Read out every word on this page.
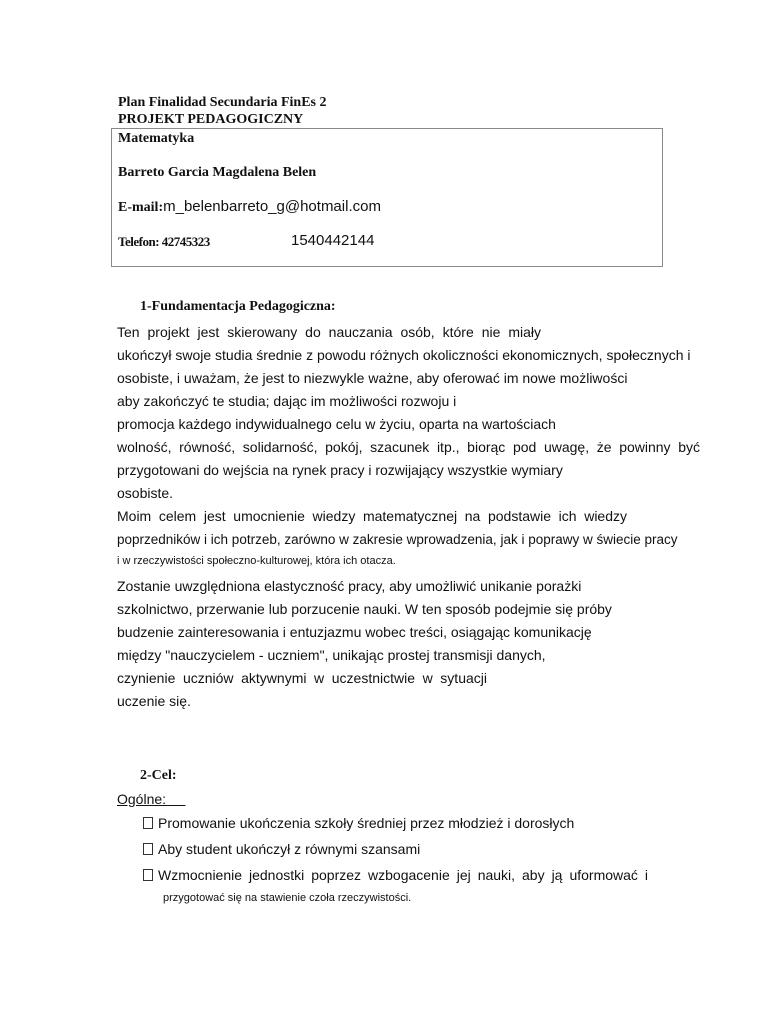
Plan Finalidad Secundaria FinEs 2
PROJEKT PEDAGOGICZNY
Matematyka
Barreto Garcia Magdalena Belen
E-mail:m_belenbarreto_g@hotmail.com
Telefon: 42745323	1540442144
1-Fundamentacja Pedagogiczna:
Ten projekt jest skierowany do nauczania osób, które nie miały
ukończył swoje studia średnie z powodu różnych okoliczności ekonomicznych, społecznych i
osobiste, i uważam, że jest to niezwykle ważne, aby oferować im nowe możliwości
aby zakończyć te studia; dając im możliwości rozwoju i
promocja każdego indywidualnego celu w życiu, oparta na wartościach
wolność, równość, solidarność, pokój, szacunek itp., biorąc pod uwagę, że powinny być
przygotowani do wejścia na rynek pracy i rozwijający wszystkie wymiary
osobiste.
Moim celem jest umocnienie wiedzy matematycznej na podstawie ich wiedzy
poprzedników i ich potrzeb, zarówno w zakresie wprowadzenia, jak i poprawy w świecie pracy
i w rzeczywistości społeczno-kulturowej, która ich otacza.
Zostanie uwzględniona elastyczność pracy, aby umożliwić unikanie porażki
szkolnictwo, przerwanie lub porzucenie nauki. W ten sposób podejmie się próby
budzenie zainteresowania i entuzjazmu wobec treści, osiągając komunikację
między "nauczycielem - uczniem", unikając prostej transmisji danych,
czynienie uczniów aktywnymi w uczestnictwie w sytuacji
uczenie się.
2-Cel:
Ogólne:
Promowanie ukończenia szkoły średniej przez młodzież i dorosłych
Aby student ukończył z równymi szansami
Wzmocnienie jednostki poprzez wzbogacenie jej nauki, aby ją uformować i
przygotować się na stawienie czoła rzeczywistości.
